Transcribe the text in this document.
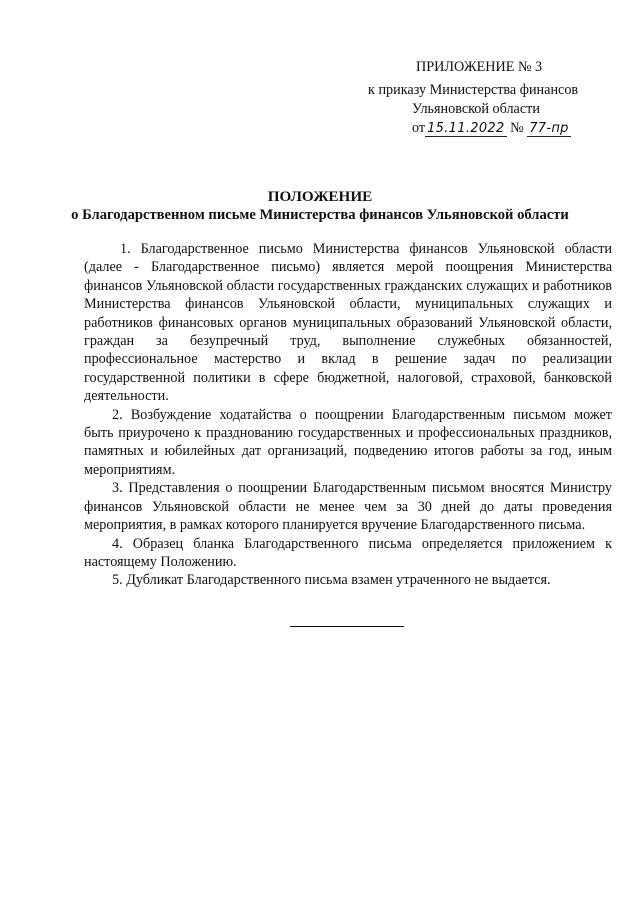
ПРИЛОЖЕНИЕ № 3
к приказу Министерства финансов
Ульяновской области
от 15.11.2022 № 77-пр
ПОЛОЖЕНИЕ
о Благодарственном письме Министерства финансов Ульяновской области

1. Благодарственное письмо Министерства финансов Ульяновской области (далее - Благодарственное письмо) является мерой поощрения Министерства финансов Ульяновской области государственных гражданских служащих и работников Министерства финансов Ульяновской области, муниципальных служащих и работников финансовых органов муниципальных образований Ульяновской области, граждан за безупречный труд, выполнение служебных обязанностей, профессиональное мастерство и вклад в решение задач по реализации государственной политики в сфере бюджетной, налоговой, страховой, банковской деятельности.

2. Возбуждение ходатайства о поощрении Благодарственным письмом может быть приурочено к празднованию государственных и профессиональных праздников, памятных и юбилейных дат организаций, подведению итогов работы за год, иным мероприятиям.

3. Представления о поощрении Благодарственным письмом вносятся Министру финансов Ульяновской области не менее чем за 30 дней до даты проведения мероприятия, в рамках которого планируется вручение Благодарственного письма.

4. Образец бланка Благодарственного письма определяется приложением к настоящему Положению.

5. Дубликат Благодарственного письма взамен утраченного не выдается.
